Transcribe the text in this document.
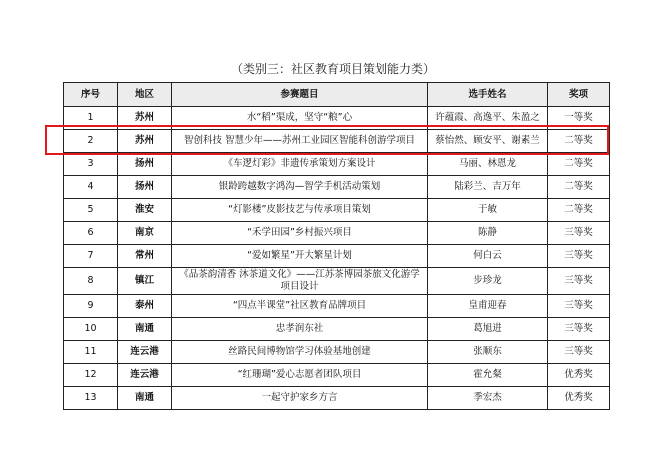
（类别三：社区教育项目策划能力类）
序号	地区	参赛题目	选手姓名	奖项
1	苏州	水“稻”渠成，坚守“粮”心	许蕴霞、高逸平、朱盈之	一等奖
2	苏州	智创科技 智慧少年——苏州工业园区智能科创游学项目	蔡怡然、顾安平、谢素兰	二等奖
3	扬州	《车逻灯彩》非遗传承策划方案设计	马丽、林恩龙	二等奖
4	扬州	银龄跨越数字鸿沟—智学手机活动策划	陆彩兰、吉万年	二等奖
5	淮安	“灯影楼”皮影技艺与传承项目策划	于敏	二等奖
6	南京	“禾学田园”乡村振兴项目	陈静	三等奖
7	常州	“爱如繁星”开大繁星计划	何白云	三等奖
8	镇江	《品茶韵清香 沐茶道文化》——江苏茶博园茶旅文化游学项目设计	步珍龙	三等奖
9	泰州	“四点半课堂”社区教育品牌项目	皇甫迎春	三等奖
10	南通	忠孝润东社	葛旭进	三等奖
11	连云港	丝路民间博物馆学习体验基地创建	张顺东	三等奖
12	连云港	“红珊瑚”爱心志愿者团队项目	霍允粲	优秀奖
13	南通	一起守护家乡方言	季宏杰	优秀奖
